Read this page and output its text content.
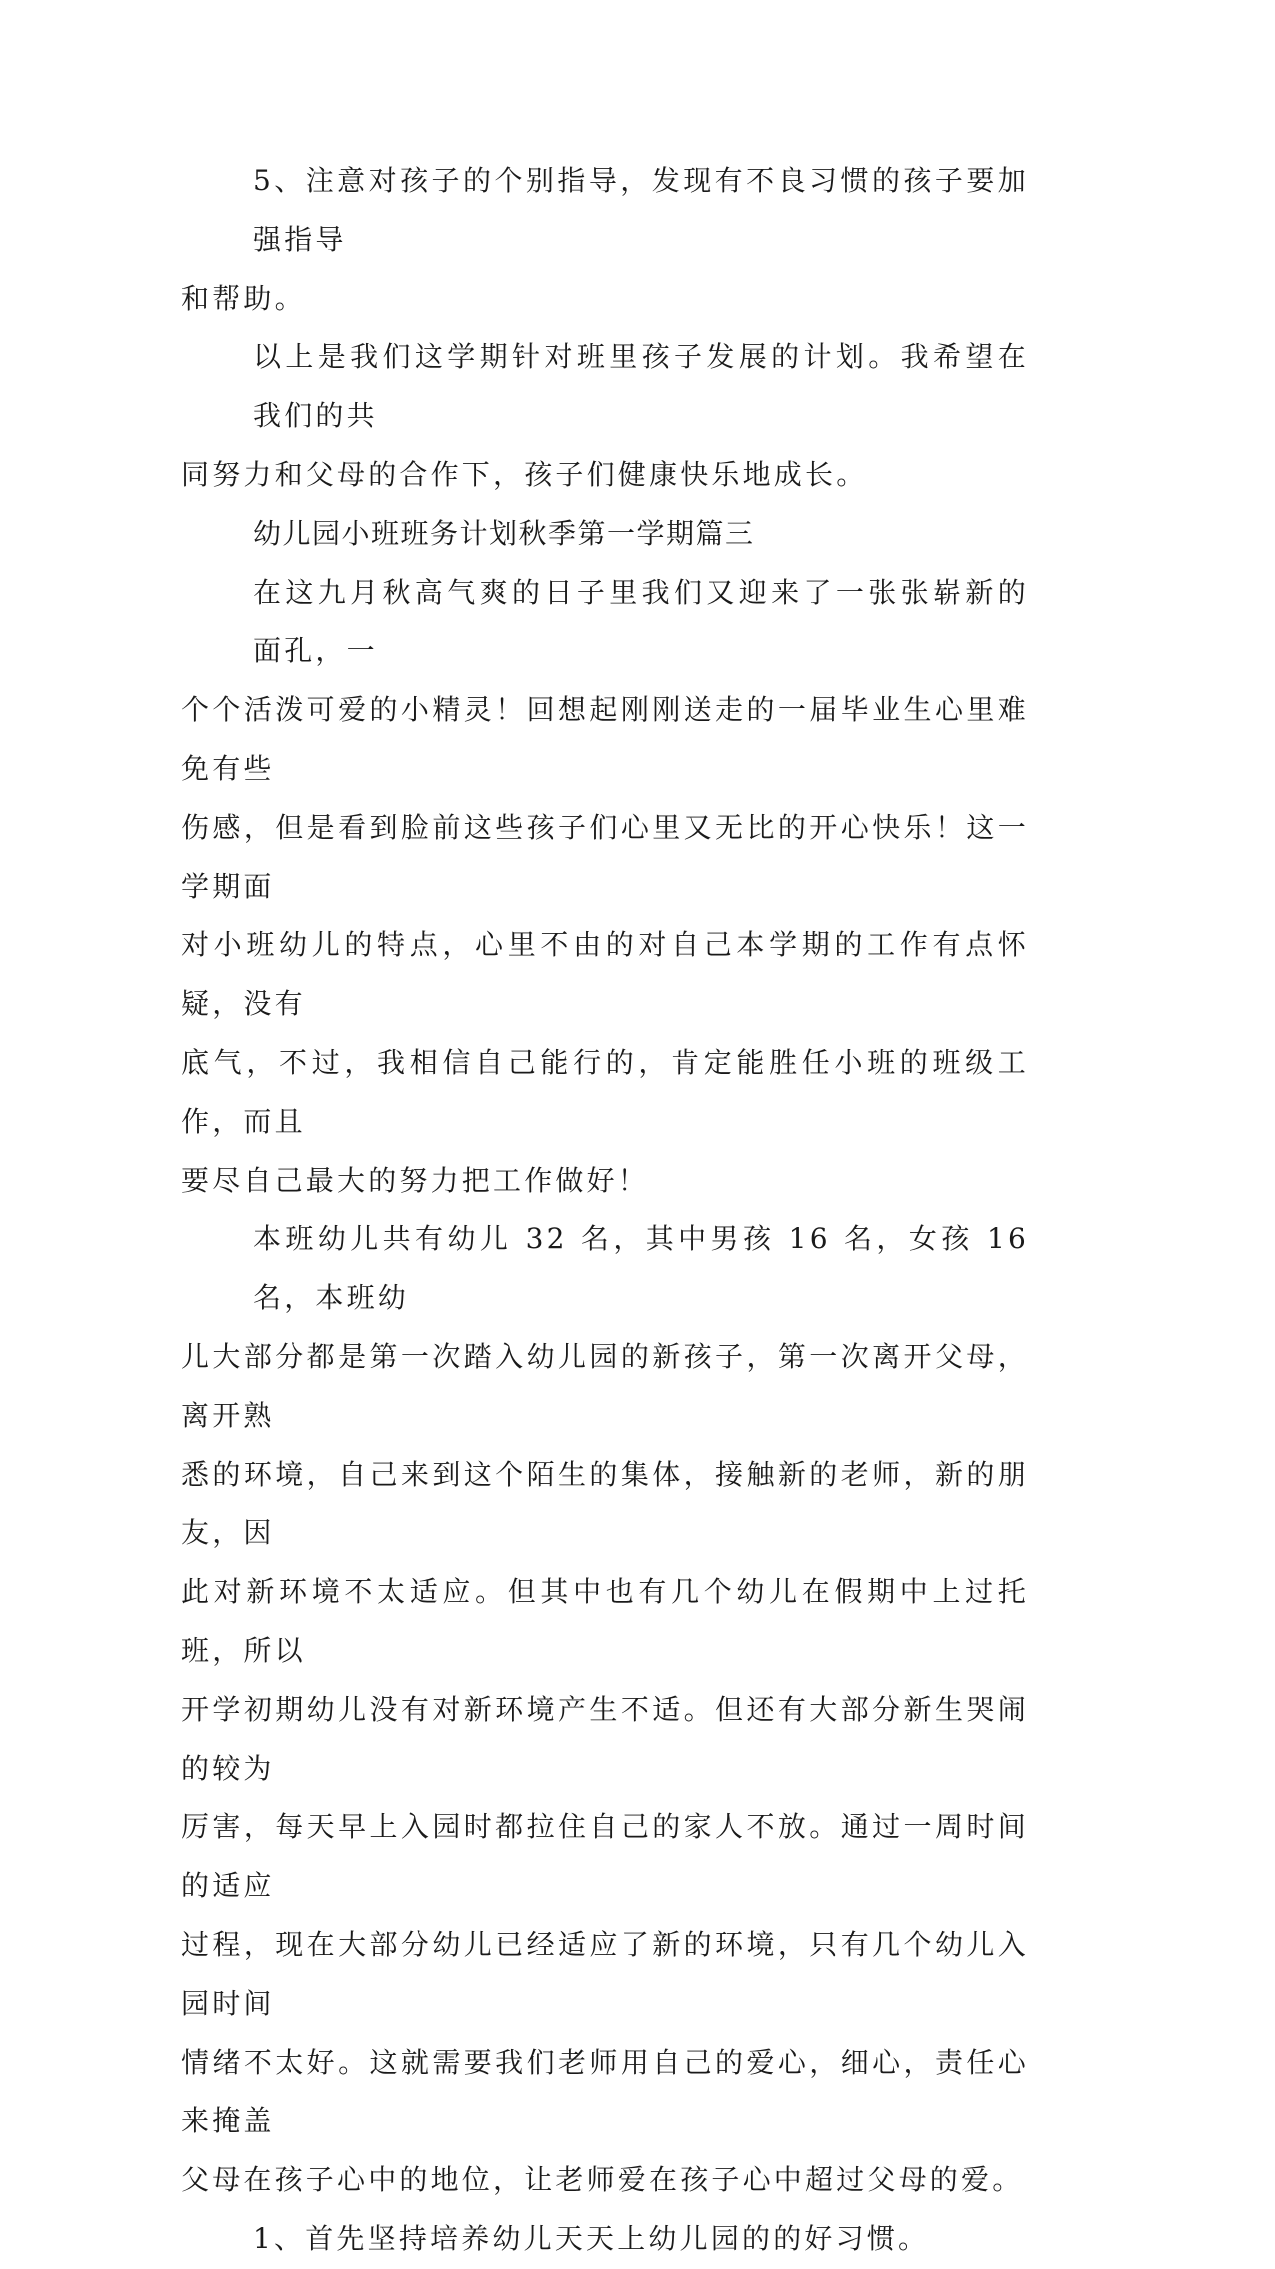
5、注意对孩子的个别指导，发现有不良习惯的孩子要加强指导
和帮助。
以上是我们这学期针对班里孩子发展的计划。我希望在我们的共
同努力和父母的合作下，孩子们健康快乐地成长。
幼儿园小班班务计划秋季第一学期篇三
在这九月秋高气爽的日子里我们又迎来了一张张崭新的面孔，一
个个活泼可爱的小精灵！回想起刚刚送走的一届毕业生心里难免有些
伤感，但是看到脸前这些孩子们心里又无比的开心快乐！这一学期面
对小班幼儿的特点，心里不由的对自己本学期的工作有点怀疑，没有
底气，不过，我相信自己能行的，肯定能胜任小班的班级工作，而且
要尽自己最大的努力把工作做好！
本班幼儿共有幼儿 32 名，其中男孩 16 名，女孩 16 名，本班幼
儿大部分都是第一次踏入幼儿园的新孩子，第一次离开父母，离开熟
悉的环境，自己来到这个陌生的集体，接触新的老师，新的朋友，因
此对新环境不太适应。但其中也有几个幼儿在假期中上过托班，所以
开学初期幼儿没有对新环境产生不适。但还有大部分新生哭闹的较为
厉害，每天早上入园时都拉住自己的家人不放。通过一周时间的适应
过程，现在大部分幼儿已经适应了新的环境，只有几个幼儿入园时间
情绪不太好。这就需要我们老师用自己的爱心，细心，责任心来掩盖
父母在孩子心中的地位，让老师爱在孩子心中超过父母的爱。
1、首先坚持培养幼儿天天上幼儿园的的好习惯。
